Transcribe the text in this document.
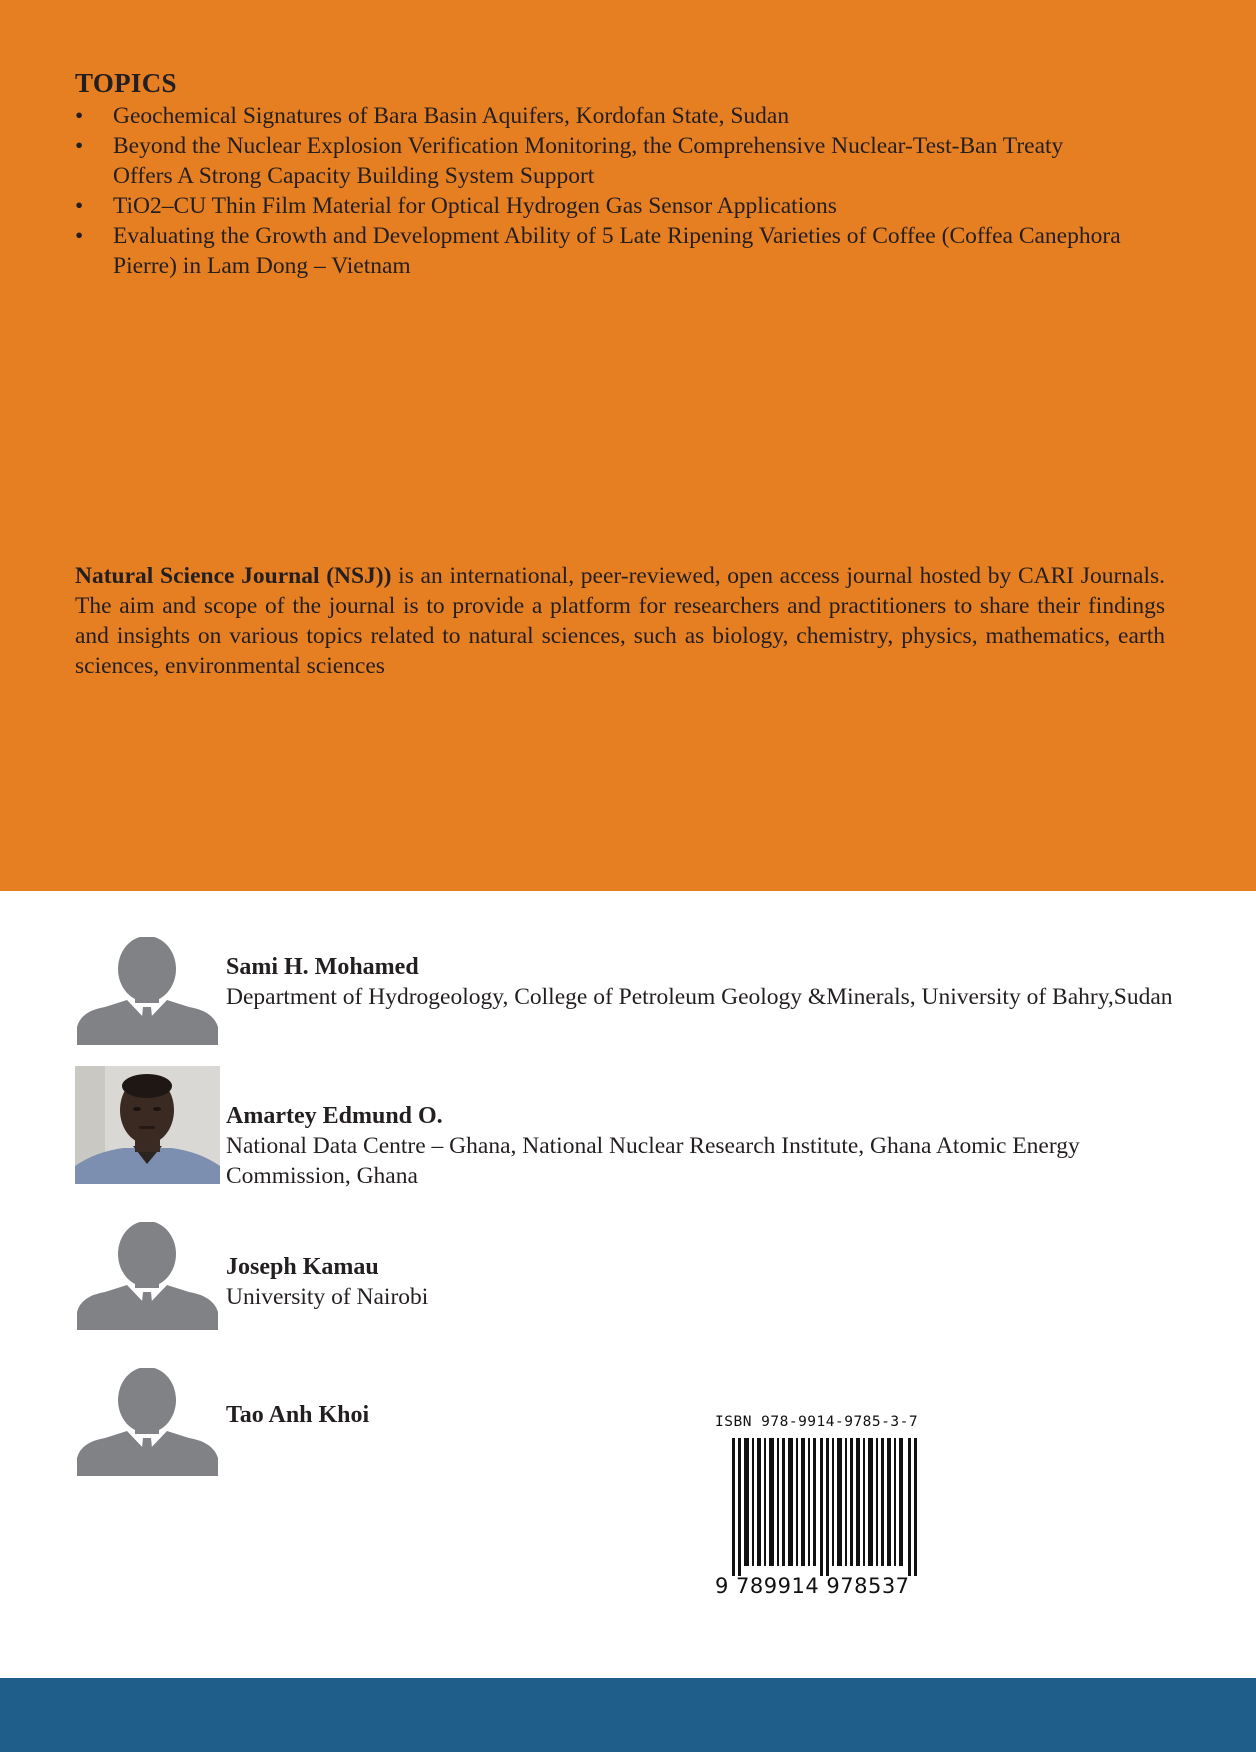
TOPICS
• Geochemical Signatures of Bara Basin Aquifers, Kordofan State, Sudan
• Beyond the Nuclear Explosion Verification Monitoring, the Comprehensive Nuclear-Test-Ban Treaty
Offers A Strong Capacity Building System Support
• TiO2–CU Thin Film Material for Optical Hydrogen Gas Sensor Applications
• Evaluating the Growth and Development Ability of 5 Late Ripening Varieties of Coffee (Coffea Canephora
Pierre) in Lam Dong – Vietnam
Natural Science Journal (NSJ)) is an international, peer-reviewed, open access journal hosted by CARI Journals. The aim and scope of the journal is to provide a platform for researchers and practitioners to share their findings and insights on various topics related to natural sciences, such as biology, chemistry, physics, mathematics, earth sciences, environmental sciences
Sami H. Mohamed
Department of Hydrogeology, College of Petroleum Geology &Minerals, University of Bahry,Sudan
Amartey Edmund O.
National Data Centre – Ghana, National Nuclear Research Institute, Ghana Atomic Energy Commission, Ghana
Joseph Kamau
University of Nairobi
Tao Anh Khoi	ISBN 978-9914-9785-3-7
9 789914 978537
